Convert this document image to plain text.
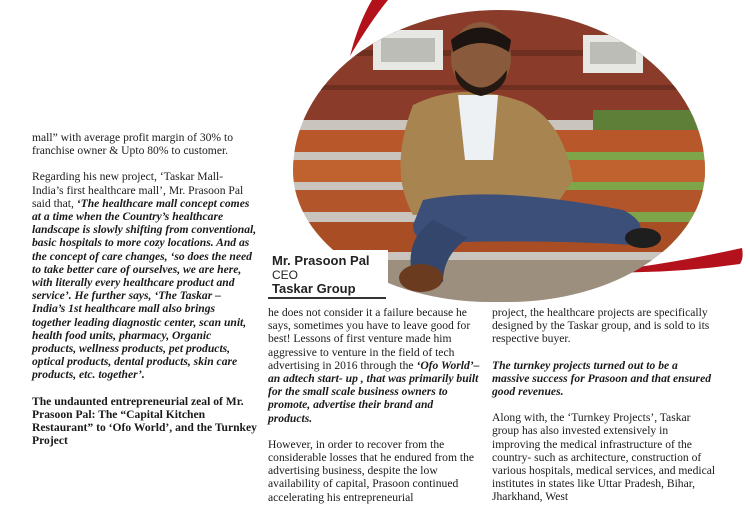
Mr. Prasoon Pal
CEO
Taskar Group

mall” with average profit margin of 30% to franchise owner & Upto 80% to customer.

Regarding his new project, ‘Taskar Mall- India’s first healthcare mall’, Mr. Prasoon Pal said that, ‘The healthcare mall concept comes at a time when the Country’s healthcare landscape is slowly shifting from conventional, basic hospitals to more cozy locations. And as the concept of care changes, ‘so does the need to take better care of ourselves, we are here, with literally every healthcare product and service’. He further says, ‘The Taskar – India’s 1st healthcare mall also brings together leading diagnostic center, scan unit, health food units, pharmacy, Organic products, wellness products, pet products, optical products, dental products, skin care products, etc. together’.

The undaunted entrepreneurial zeal of Mr. Prasoon Pal: The “Capital Kitchen Restaurant” to ‘Ofo World’, and the Turnkey Project

he does not consider it a failure because he says, sometimes you have to leave good for best! Lessons of first venture made him aggressive to venture in the field of tech advertising in 2016 through the ‘Ofo World’– an adtech start- up , that was primarily built for the small scale business owners to promote, advertise their brand and products.

However, in order to recover from the considerable losses that he endured from the advertising business, despite the low availability of capital, Prasoon continued accelerating his entrepreneurial

project, the healthcare projects are specifically designed by the Taskar group, and is sold to its respective buyer.

The turnkey projects turned out to be a massive success for Prasoon and that ensured good revenues.

Along with, the ‘Turnkey Projects’, Taskar group has also invested extensively in improving the medical infrastructure of the country- such as architecture, construction of various hospitals, medical services, and medical institutes in states like Uttar Pradesh, Bihar, Jharkhand, West
